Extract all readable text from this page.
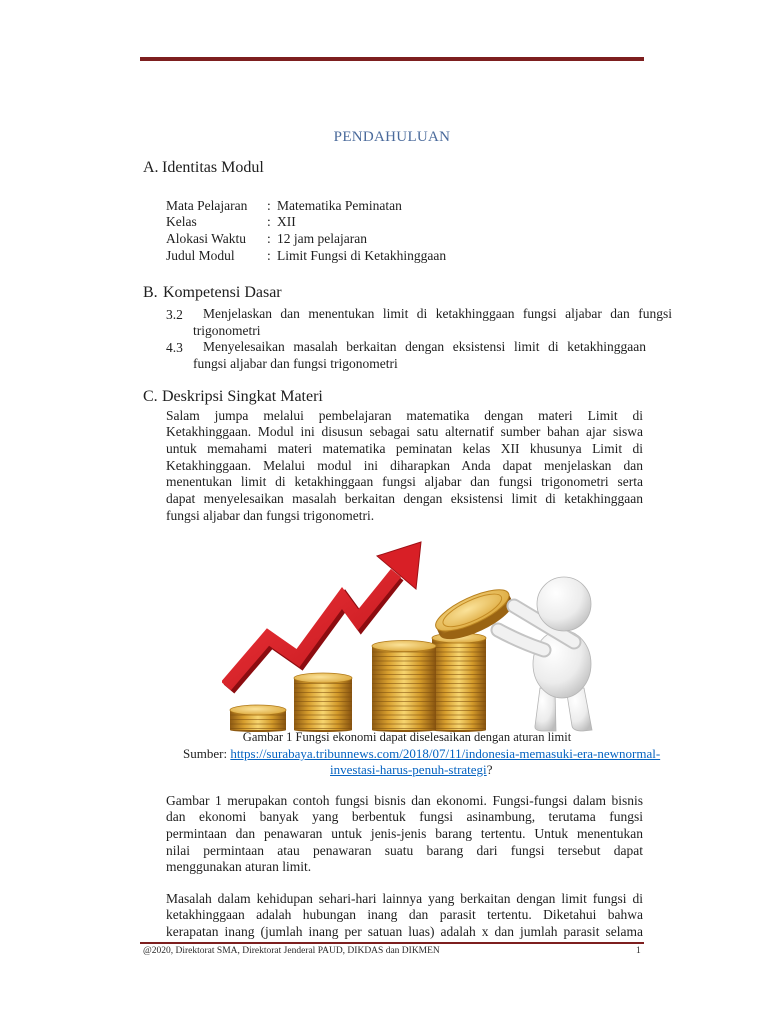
PENDAHULUAN
A. Identitas Modul
Mata Pelajaran : Matematika Peminatan
Kelas	: XII
Alokasi Waktu : 12 jam pelajaran
Judul Modul : Limit Fungsi di Ketakhinggaan
B. Kompetensi Dasar
3.2 Menjelaskan dan menentukan limit di ketakhinggaan fungsi aljabar dan fungsi
trigonometri
4.3 Menyelesaikan masalah berkaitan dengan eksistensi limit di ketakhinggaan
fungsi aljabar dan fungsi trigonometri
C. Deskripsi Singkat Materi
Salam jumpa melalui pembelajaran matematika dengan materi Limit di
Ketakhinggaan. Modul ini disusun sebagai satu alternatif sumber bahan ajar siswa
untuk memahami materi matematika peminatan kelas XII khusunya Limit di
Ketakhinggaan. Melalui modul ini diharapkan Anda dapat menjelaskan dan
menentukan limit di ketakhinggaan fungsi aljabar dan fungsi trigonometri serta
dapat menyelesaikan masalah berkaitan dengan eksistensi limit di ketakhinggaan
fungsi aljabar dan fungsi trigonometri.
Gambar 1 Fungsi ekonomi dapat diselesaikan dengan aturan limit
Sumber: https://surabaya.tribunnews.com/2018/07/11/indonesia-memasuki-era-newnormal-
investasi-harus-penuh-strategi?
Gambar 1 merupakan contoh fungsi bisnis dan ekonomi. Fungsi-fungsi dalam bisnis
dan ekonomi banyak yang berbentuk fungsi asinambung, terutama fungsi
permintaan dan penawaran untuk jenis-jenis barang tertentu. Untuk menentukan
nilai permintaan atau penawaran suatu barang dari fungsi tersebut dapat
menggunakan aturan limit.
Masalah dalam kehidupan sehari-hari lainnya yang berkaitan dengan limit fungsi di
ketakhinggaan adalah hubungan inang dan parasit tertentu. Diketahui bahwa
kerapatan inang (jumlah inang per satuan luas) adalah x dan jumlah parasit selama
@2020, Direktorat SMA, Direktorat Jenderal PAUD, DIKDAS dan DIKMEN	1
